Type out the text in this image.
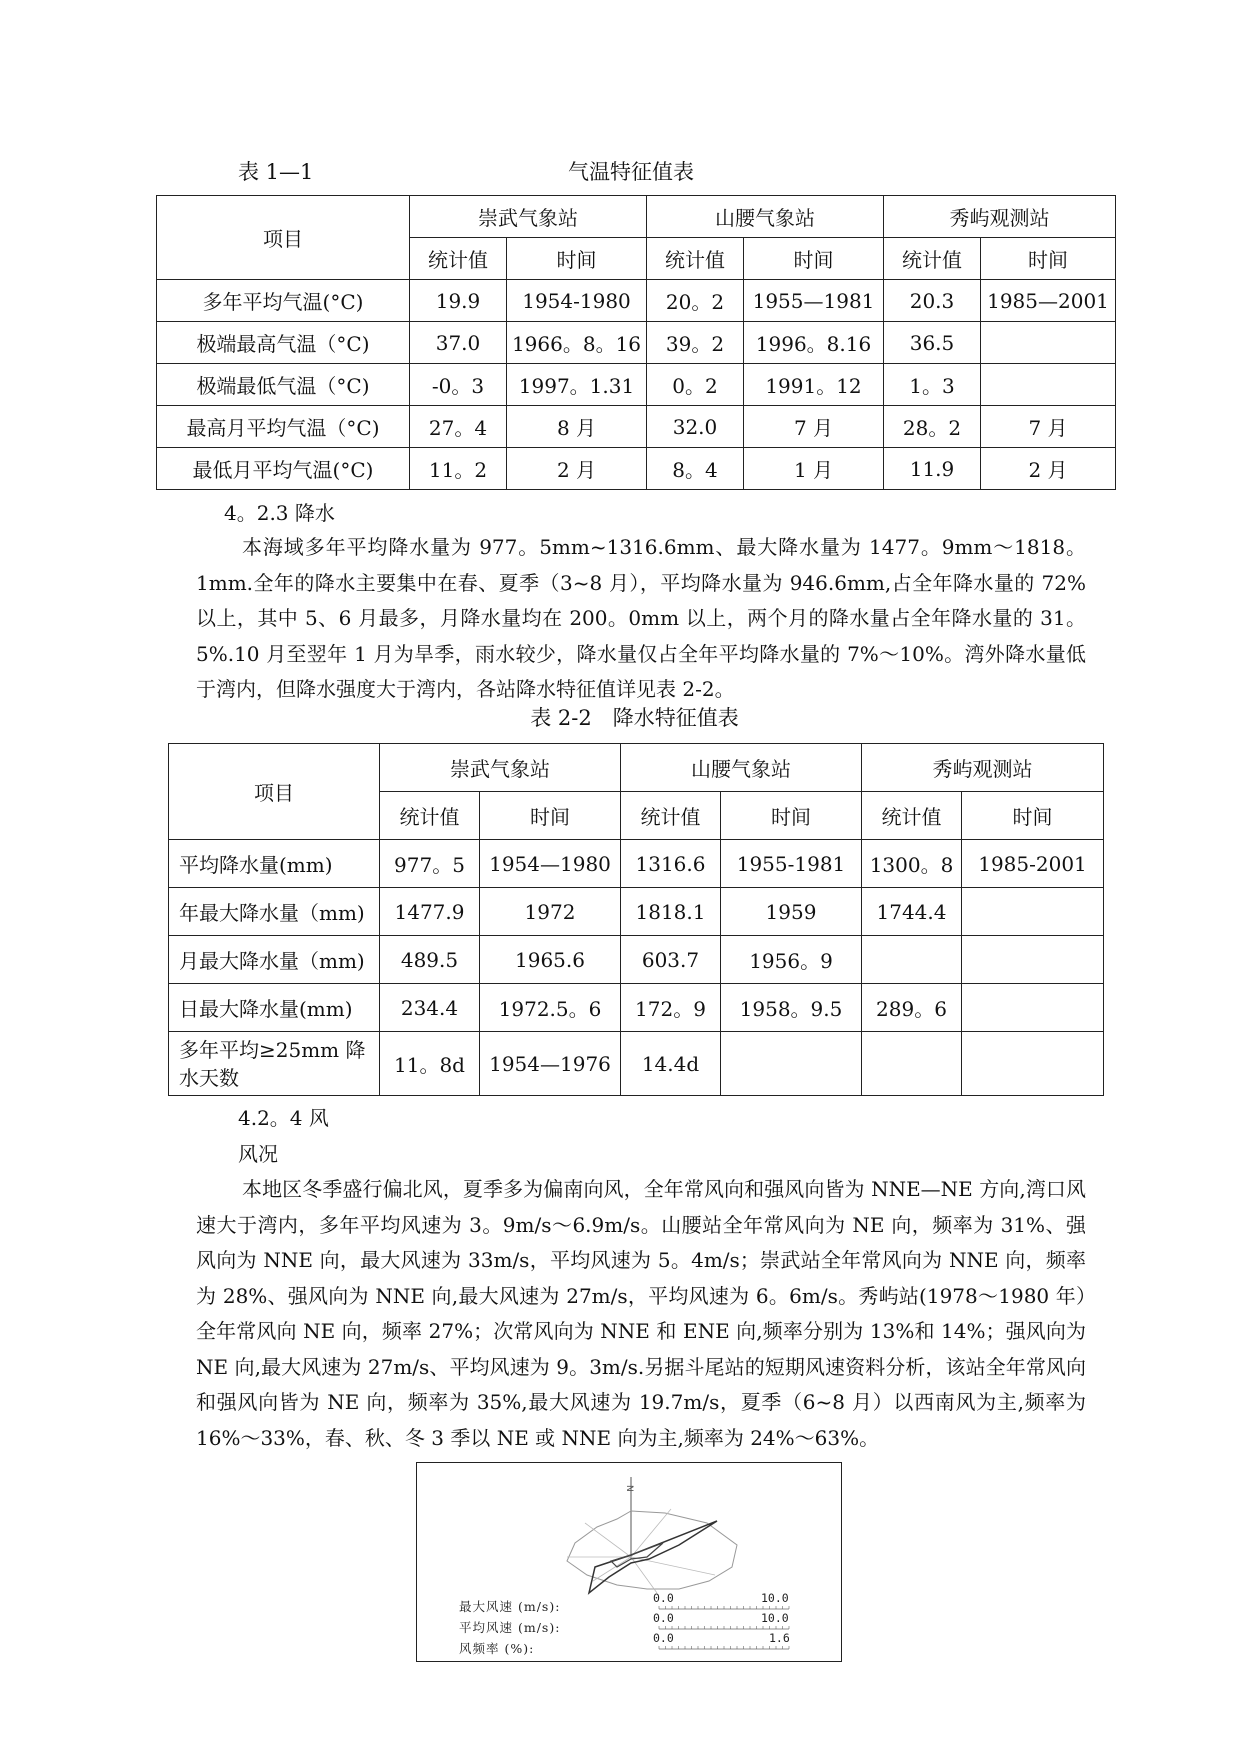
表 1—1	气温特征值表
项目	崇武气象站		山腰气象站		秀屿观测站	
	统计值	时间	统计值	时间	统计值	时间
多年平均气温(°C)	19.9	1954-1980	20。2	1955—1981	20.3	1985—2001
极端最高气温（°C)	37.0	1966。8。16	39。2	1996。8.16	36.5	
极端最低气温（°C)	-0。3	1997。1.31	0。2	1991。12	1。3	
最高月平均气温（°C)	27。4	8 月	32.0	7 月	28。2	7 月
最低月平均气温(°C)	11。2	2 月	8。4	1 月	11.9	2 月
4。2.3 降水
本海域多年平均降水量为 977。5mm~1316.6mm、最大降水量为 1477。9mm～1818。1mm.全年的降水主要集中在春、夏季（3~8 月），平均降水量为 946.6mm,占全年降水量的 72%以上，其中 5、6 月最多，月降水量均在 200。0mm 以上，两个月的降水量占全年降水量的 31。5%.10 月至翌年 1 月为旱季，雨水较少，降水量仅占全年平均降水量的 7%～10%。湾外降水量低于湾内，但降水强度大于湾内，各站降水特征值详见表 2-2。
表 2-2　降水特征值表
项目	崇武气象站		山腰气象站		秀屿观测站	
	统计值	时间	统计值	时间	统计值	时间
平均降水量(mm)	977。5	1954—1980	1316.6	1955-1981	1300。8	1985-2001
年最大降水量（mm)	1477.9	1972	1818.1	1959	1744.4	
月最大降水量（mm)	489.5	1965.6	603.7	1956。9		
日最大降水量(mm)	234.4	1972.5。6	172。9	1958。9.5	289。6	
多年平均≥25mm 降水天数	11。8d	1954—1976	14.4d			
4.2。4 风
风况
本地区冬季盛行偏北风，夏季多为偏南向风，全年常风向和强风向皆为 NNE—NE 方向,湾口风速大于湾内，多年平均风速为 3。9m/s～6.9m/s。山腰站全年常风向为 NE 向，频率为 31%、强风向为 NNE 向，最大风速为 33m/s，平均风速为 5。4m/s；崇武站全年常风向为 NNE 向，频率为 28%、强风向为 NNE 向,最大风速为 27m/s，平均风速为 6。6m/s。秀屿站(1978～1980 年）全年常风向 NE 向，频率 27%；次常风向为 NNE 和 ENE 向,频率分别为 13%和 14%；强风向为 NE 向,最大风速为 27m/s、平均风速为 9。3m/s.另据斗尾站的短期风速资料分析，该站全年常风向和强风向皆为 NE 向，频率为 35%,最大风速为 19.7m/s，夏季（6~8 月）以西南风为主,频率为 16%～33%，春、秋、冬 3 季以 NE 或 NNE 向为主,频率为 24%～63%。
N
最大风速 (m/s):
0.0	10.0
平均风速 (m/s):
0.0	10.0
风频率 (%):
0.0	1.6
